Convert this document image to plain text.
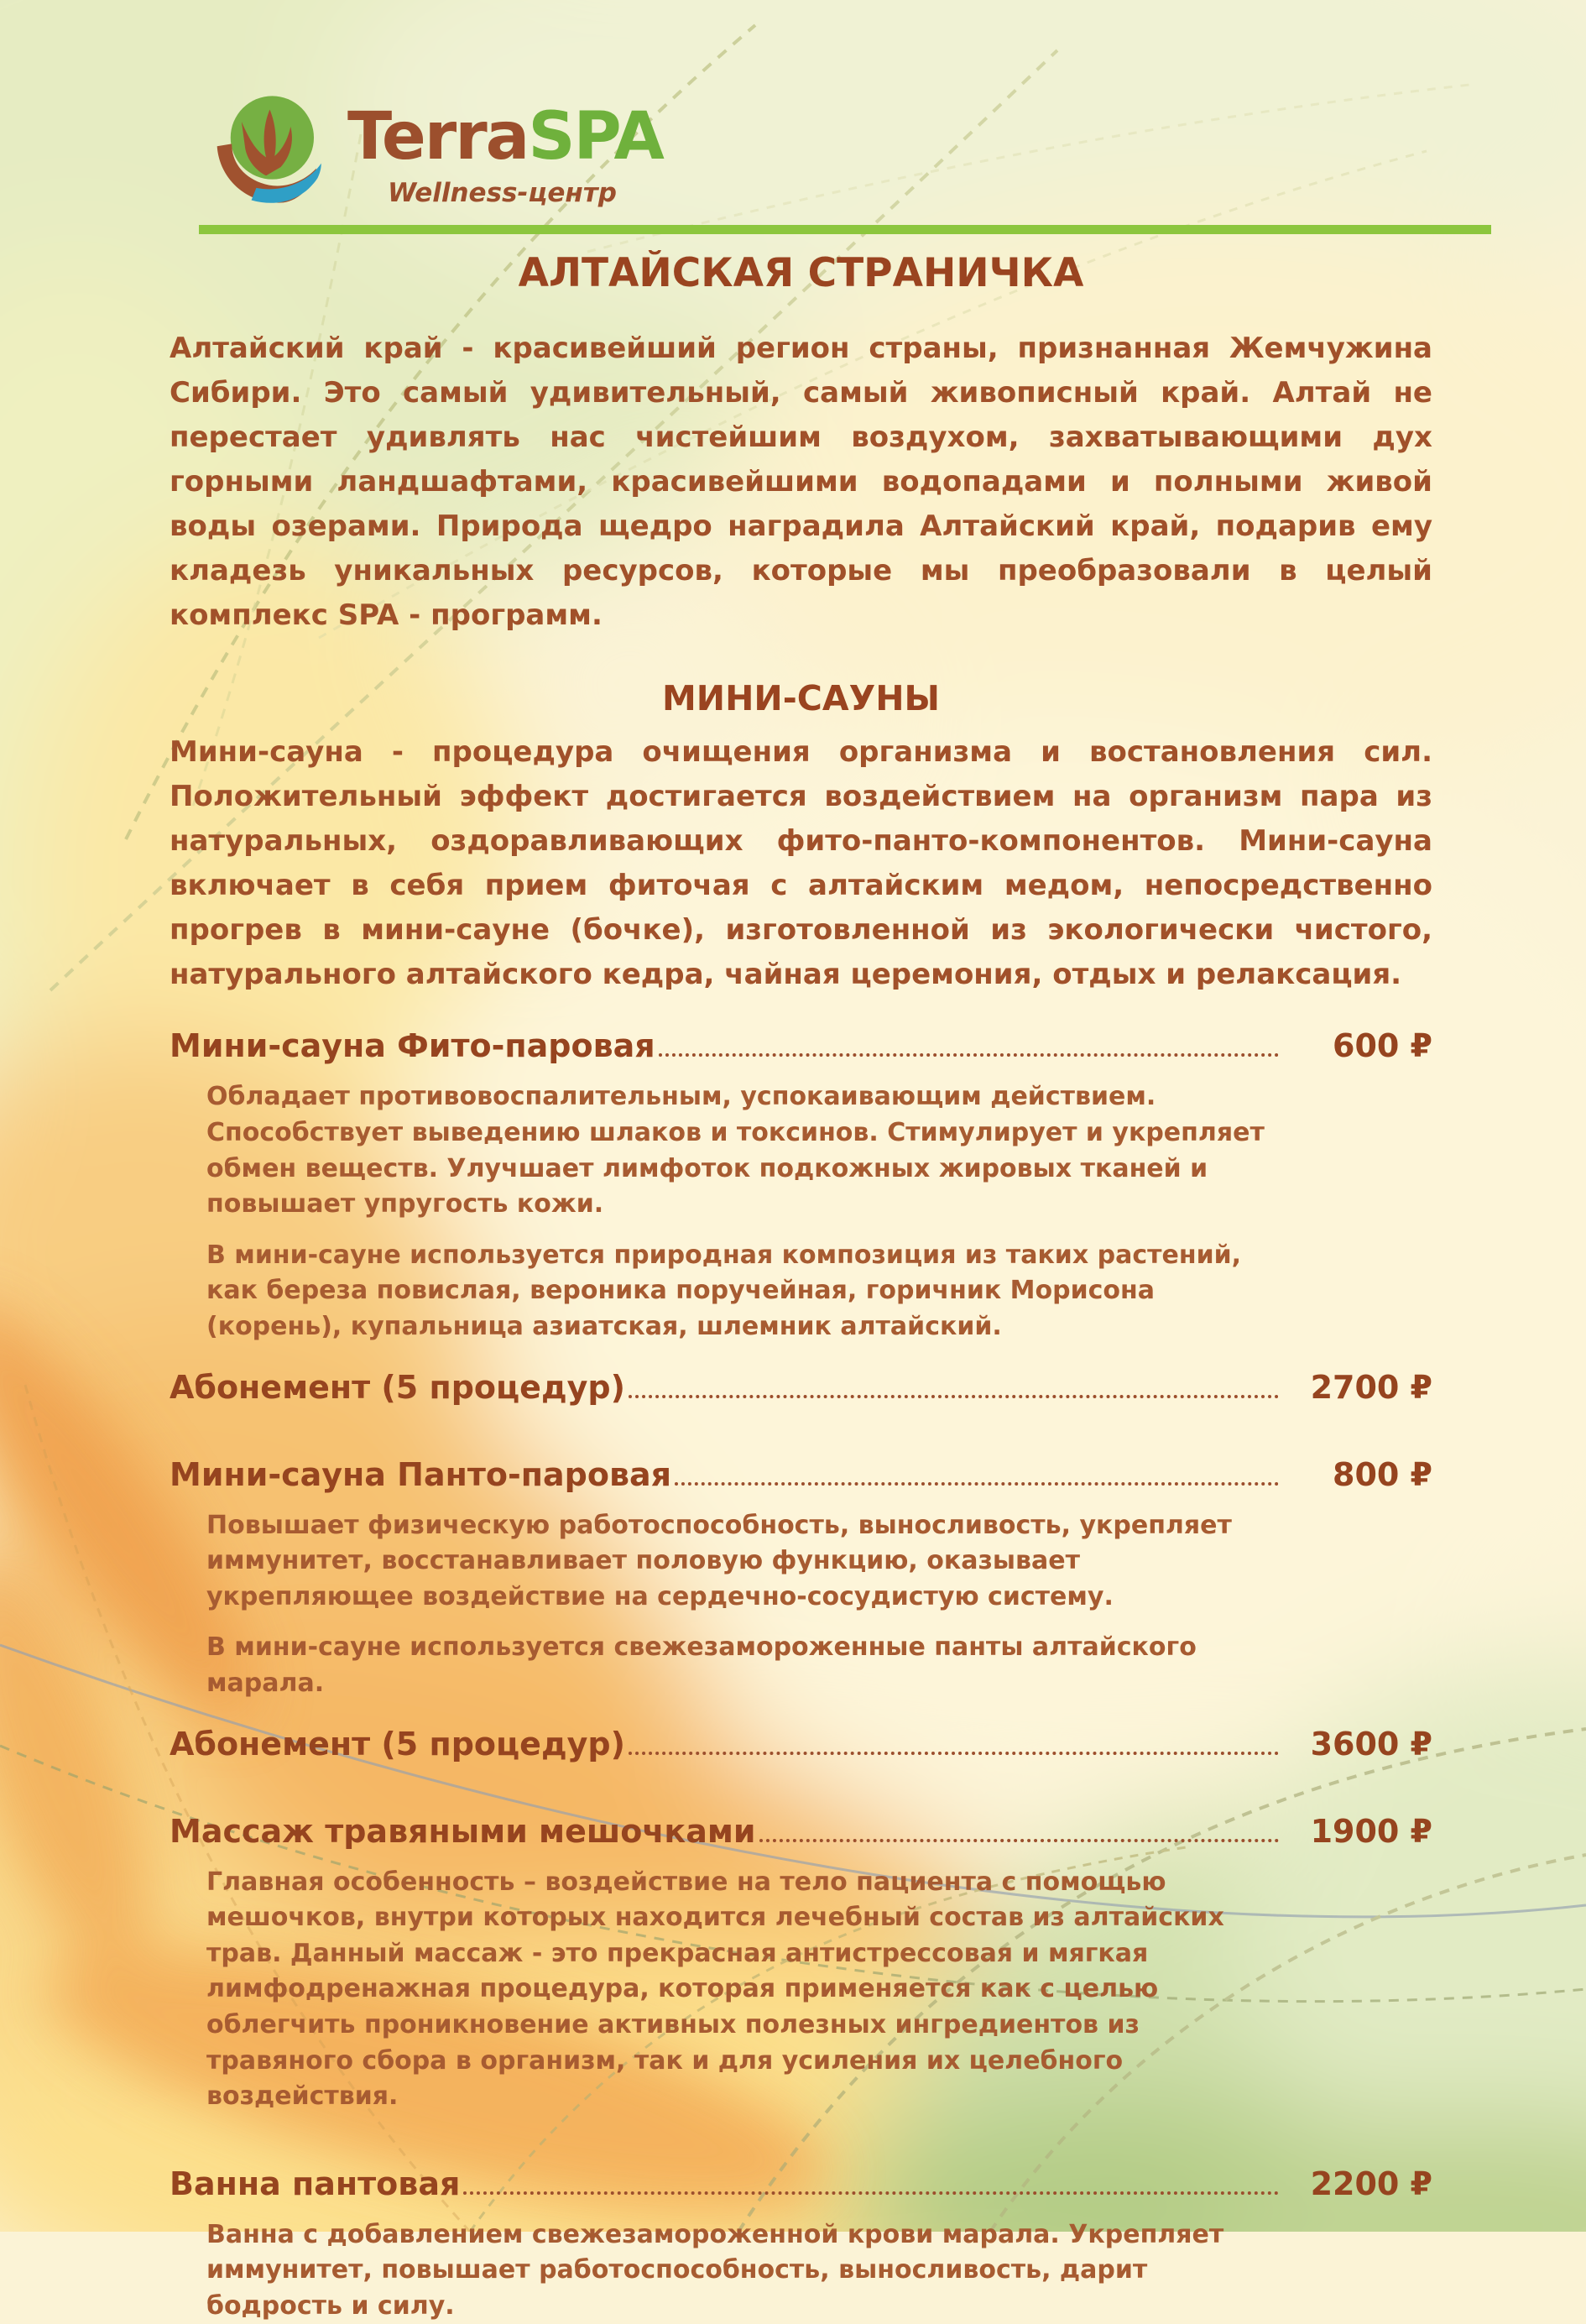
TerraSPA
Wellness-центр
АЛТАЙСКАЯ СТРАНИЧКА

Алтайский край - красивейший регион страны, признанная Жемчужина Сибири. Это самый удивительный, самый живописный край. Алтай не перестает удивлять нас чистейшим воздухом, захватывающими дух горными ландшафтами, красивейшими водопадами и полными живой воды озерами. Природа щедро наградила Алтайский край, подарив ему кладезь уникальных ресурсов, которые мы преобразовали в целый комплекс SPA - программ.

МИНИ-САУНЫ

Мини-сауна - процедура очищения организма и востановления сил. Положительный эффект достигается воздействием на организм пара из натуральных, оздоравливающих фито-панто-компонентов. Мини-сауна включает в себя прием фиточая с алтайским медом, непосредственно прогрев в мини-сауне (бочке), изготовленной из экологически чистого, натурального алтайского кедра, чайная церемония, отдых и релаксация.

Мини-сауна Фито-паровая	600 ₽

Обладает противовоспалительным, успокаивающим действием. Способствует выведению шлаков и токсинов. Стимулирует и укрепляет обмен веществ. Улучшает лимфоток подкожных жировых тканей и повышает упругость кожи.

В мини-сауне используется природная композиция из таких растений, как береза повислая, вероника поручейная, горичник Морисона (корень), купальница азиатская, шлемник алтайский.

Абонемент (5 процедур)	2700 ₽
Мини-сауна Панто-паровая	800 ₽

Повышает физическую работоспособность, выносливость, укрепляет иммунитет, восстанавливает половую функцию, оказывает укрепляющее воздействие на сердечно-сосудистую систему.

В мини-сауне используется свежезамороженные панты алтайского марала.

Абонемент (5 процедур)	3600 ₽
Массаж травяными мешочками	1900 ₽

Главная особенность – воздействие на тело пациента с помощью мешочков, внутри которых находится лечебный состав из алтайских трав. Данный массаж - это прекрасная антистрессовая и мягкая лимфодренажная процедура, которая применяется как с целью облегчить проникновение активных полезных ингредиентов из травяного сбора в организм, так и для усиления их целебного воздействия.

Ванна пантовая	2200 ₽

Ванна с добавлением свежезамороженной крови марала. Укрепляет иммунитет, повышает работоспособность, выносливость, дарит бодрость и силу.
